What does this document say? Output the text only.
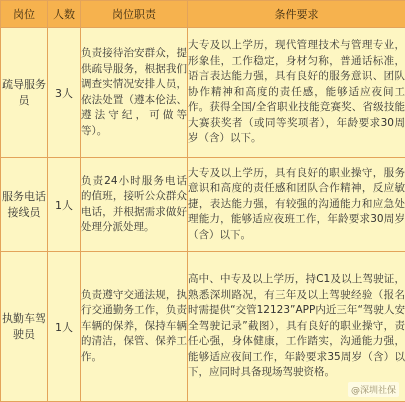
岗位	人数	岗位职责	条件要求
疏导服务员	3人	负责接待治安群众，提供疏导服务，根据我们调查实情况安排人员，依法处置（遵本伦法、遵法守纪，可做等等）。	大专及以上学历，现代管理技术与管理专业，形象佳，工作稳定，身材匀称，普通话标准，语言表达能力强，具有良好的服务意识、团队协作精神和高度的责任感，能够适应夜间工作。获得全国/全省职业技能竞赛奖、省级技能大赛获奖者（或同等奖项者），年龄要求30周岁（含）以下。
服务电话接线员	1人	负责24小时服务电话的值班，接听公众群众电话，并根据需求做好处理分派处理。	大专及以上学历，具有良好的职业操守，服务意识和高度的责任感和团队合作精神，反应敏捷，表达能力强，有较强的沟通能力和应急处理能力，能够适应夜班工作，年龄要求30周岁（含）以下。
执勤车驾驶员	1人	负责遵守交通法规，执行交通勤务工作，负责车辆的保养，保持车辆的清洁，保管、保养工作。	高中、中专及以上学历，持C1及以上驾驶证，熟悉深圳路况，有三年及以上驾驶经验（报名时需提供“交管12123”APP内近三年“驾驶人安全驾驶记录”截图），具有良好的职业操守，责任心强，身体健康，工作踏实，沟通能力强，能够适应夜间工作，年龄要求35周岁（含）以下，应同时具备现场驾驶资格。
@深圳社保
